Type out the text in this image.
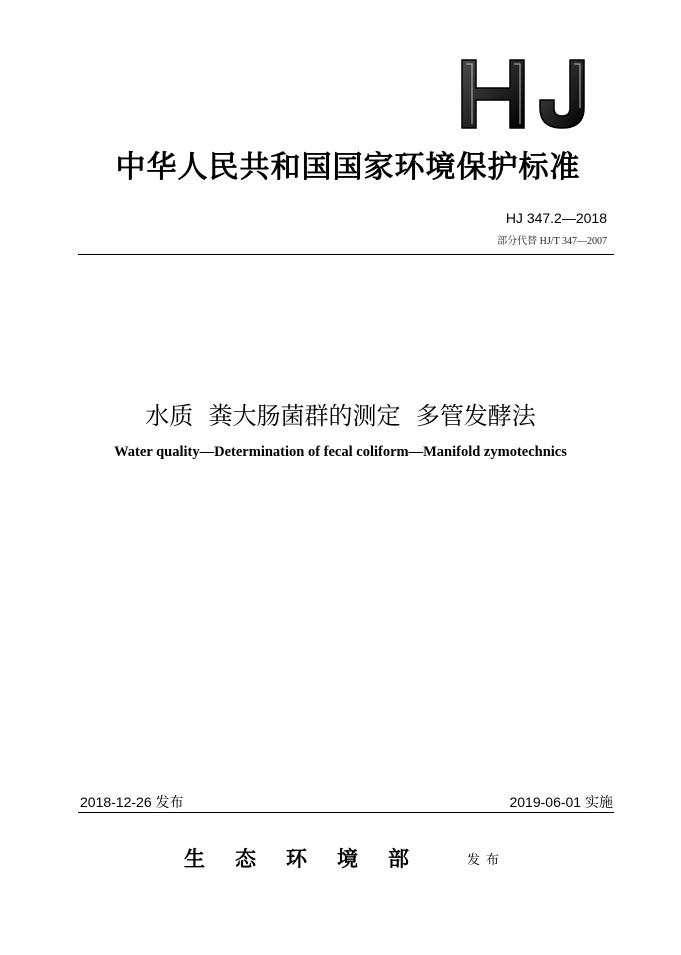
中华人民共和国国家环境保护标准
HJ 347.2—2018
部分代替 HJ/T 347—2007
水质  粪大肠菌群的测定  多管发酵法
Water quality—Determination of fecal coliform—Manifold zymotechnics
2018-12-26 发布	2019-06-01 实施
生态环境部 发布
